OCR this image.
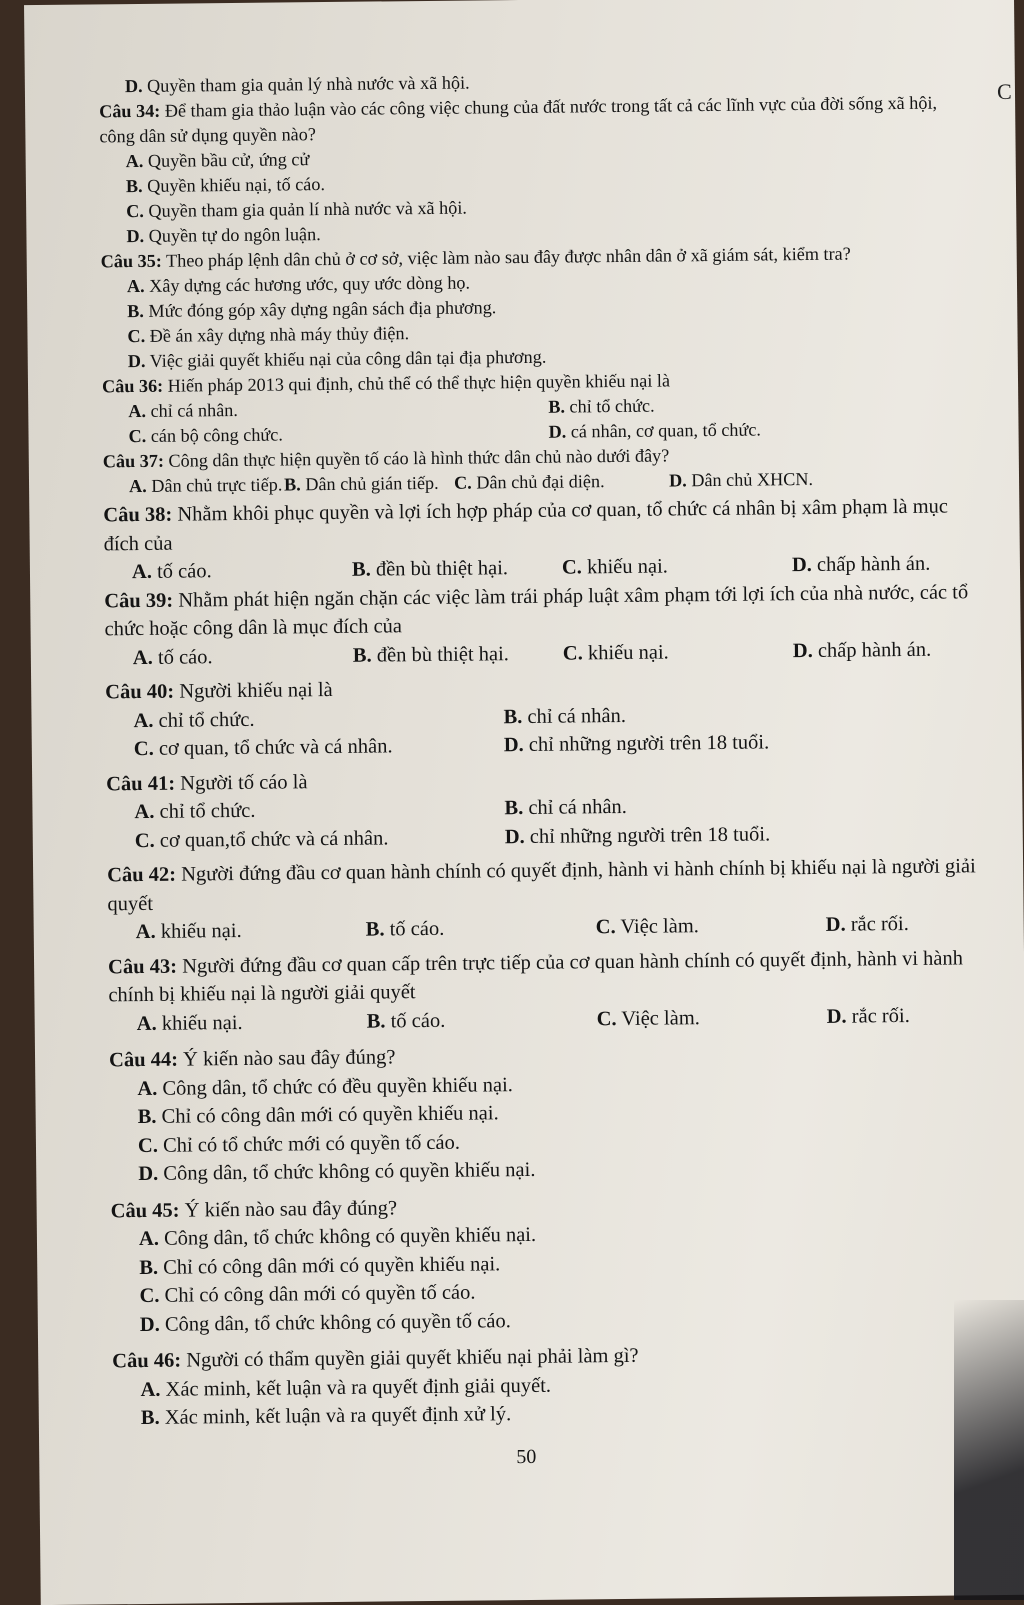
C

D. Quyền tham gia quản lý nhà nước và xã hội.

Câu 34: Để tham gia thảo luận vào các công việc chung của đất nước trong tất cả các lĩnh vực của đời sống xã hội, công dân sử dụng quyền nào?

A. Quyền bầu cử, ứng cử

B. Quyền khiếu nại, tố cáo.

C. Quyền tham gia quản lí nhà nước và xã hội.

D. Quyền tự do ngôn luận.

Câu 35: Theo pháp lệnh dân chủ ở cơ sở, việc làm nào sau đây được nhân dân ở xã giám sát, kiểm tra?

A. Xây dựng các hương ước, quy ước dòng họ.

B. Mức đóng góp xây dựng ngân sách địa phương.

C. Đề án xây dựng nhà máy thủy điện.

D. Việc giải quyết khiếu nại của công dân tại địa phương.

Câu 36: Hiến pháp 2013 qui định, chủ thể có thể thực hiện quyền khiếu nại là

A. chỉ cá nhân.	B. chỉ tổ chức.
C. cán bộ công chức.	D. cá nhân, cơ quan, tổ chức.

Câu 37: Công dân thực hiện quyền tố cáo là hình thức dân chủ nào dưới đây?

A. Dân chủ trực tiếp. B. Dân chủ gián tiếp. C. Dân chủ đại diện.	D. Dân chủ XHCN.

Câu 38: Nhằm khôi phục quyền và lợi ích hợp pháp của cơ quan, tổ chức cá nhân bị xâm phạm là mục đích của

A. tố cáo.	B. đền bù thiệt hại.	C. khiếu nại.	D. chấp hành án.

Câu 39: Nhằm phát hiện ngăn chặn các việc làm trái pháp luật xâm phạm tới lợi ích của nhà nước, các tổ chức hoặc công dân là mục đích của

A. tố cáo.	B. đền bù thiệt hại.	C. khiếu nại.	D. chấp hành án.

Câu 40: Người khiếu nại là

A. chỉ tổ chức.	B. chỉ cá nhân.
C. cơ quan, tổ chức và cá nhân.	D. chỉ những người trên 18 tuổi.

Câu 41: Người tố cáo là

A. chỉ tổ chức.	B. chỉ cá nhân.
C. cơ quan,tổ chức và cá nhân.	D. chỉ những người trên 18 tuổi.

Câu 42: Người đứng đầu cơ quan hành chính có quyết định, hành vi hành chính bị khiếu nại là người giải quyết

A. khiếu nại.	B. tố cáo.	C. Việc làm.	D. rắc rối.

Câu 43: Người đứng đầu cơ quan cấp trên trực tiếp của cơ quan hành chính có quyết định, hành vi hành chính bị khiếu nại là người giải quyết

A. khiếu nại.	B. tố cáo.	C. Việc làm.	D. rắc rối.

Câu 44: Ý kiến nào sau đây đúng?

A. Công dân, tổ chức có đều quyền khiếu nại.

B. Chỉ có công dân mới có quyền khiếu nại.

C. Chỉ có tổ chức mới có quyền tố cáo.

D. Công dân, tổ chức không có quyền khiếu nại.

Câu 45: Ý kiến nào sau đây đúng?

A. Công dân, tổ chức không có quyền khiếu nại.

B. Chỉ có công dân mới có quyền khiếu nại.

C. Chỉ có công dân mới có quyền tố cáo.

D. Công dân, tổ chức không có quyền tố cáo.

Câu 46: Người có thẩm quyền giải quyết khiếu nại phải làm gì?

A. Xác minh, kết luận và ra quyết định giải quyết.

B. Xác minh, kết luận và ra quyết định xử lý.

50
